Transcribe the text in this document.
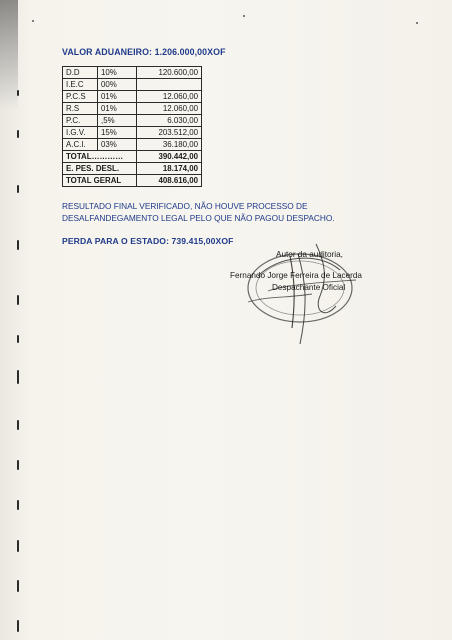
VALOR ADUANEIRO: 1.206.000,00XOF
D.D	10%	120.600,00
I.E.C	00%	
P.C.S	01%	12.060,00
R.S	01%	12.060,00
P.C.	,5%	6.030,00
I.G.V.	15%	203.512,00
A.C.I.	03%	36.180,00
TOTAL…………		390.442,00
E. PES. DESL.		18.174,00
TOTAL GERAL		408.616,00
RESULTADO FINAL VERIFICADO, NÃO HOUVE PROCESSO DE DESALFANDEGAMENTO LEGAL PELO QUE NÃO PAGOU DESPACHO.
PERDA PARA O ESTADO: 739.415,00XOF
Autor da auditoria,
Fernando Jorge Ferreira de Lacerda
Despachante Oficial
